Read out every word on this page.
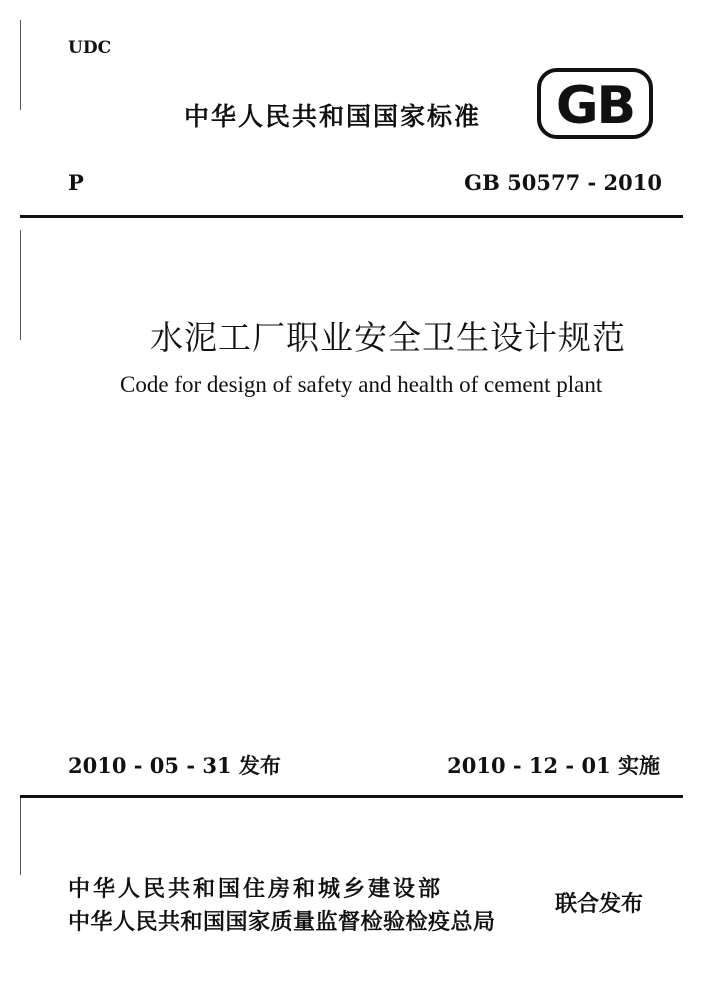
UDC
中华人民共和国国家标准 GB
P	GB 50577 - 2010
水泥工厂职业安全卫生设计规范
Code for design of safety and health of cement plant
2010 - 05 - 31 发布	2010 - 12 - 01 实施
中华人民共和国住房和城乡建设部
中华人民共和国国家质量监督检验检疫总局
联合发布
